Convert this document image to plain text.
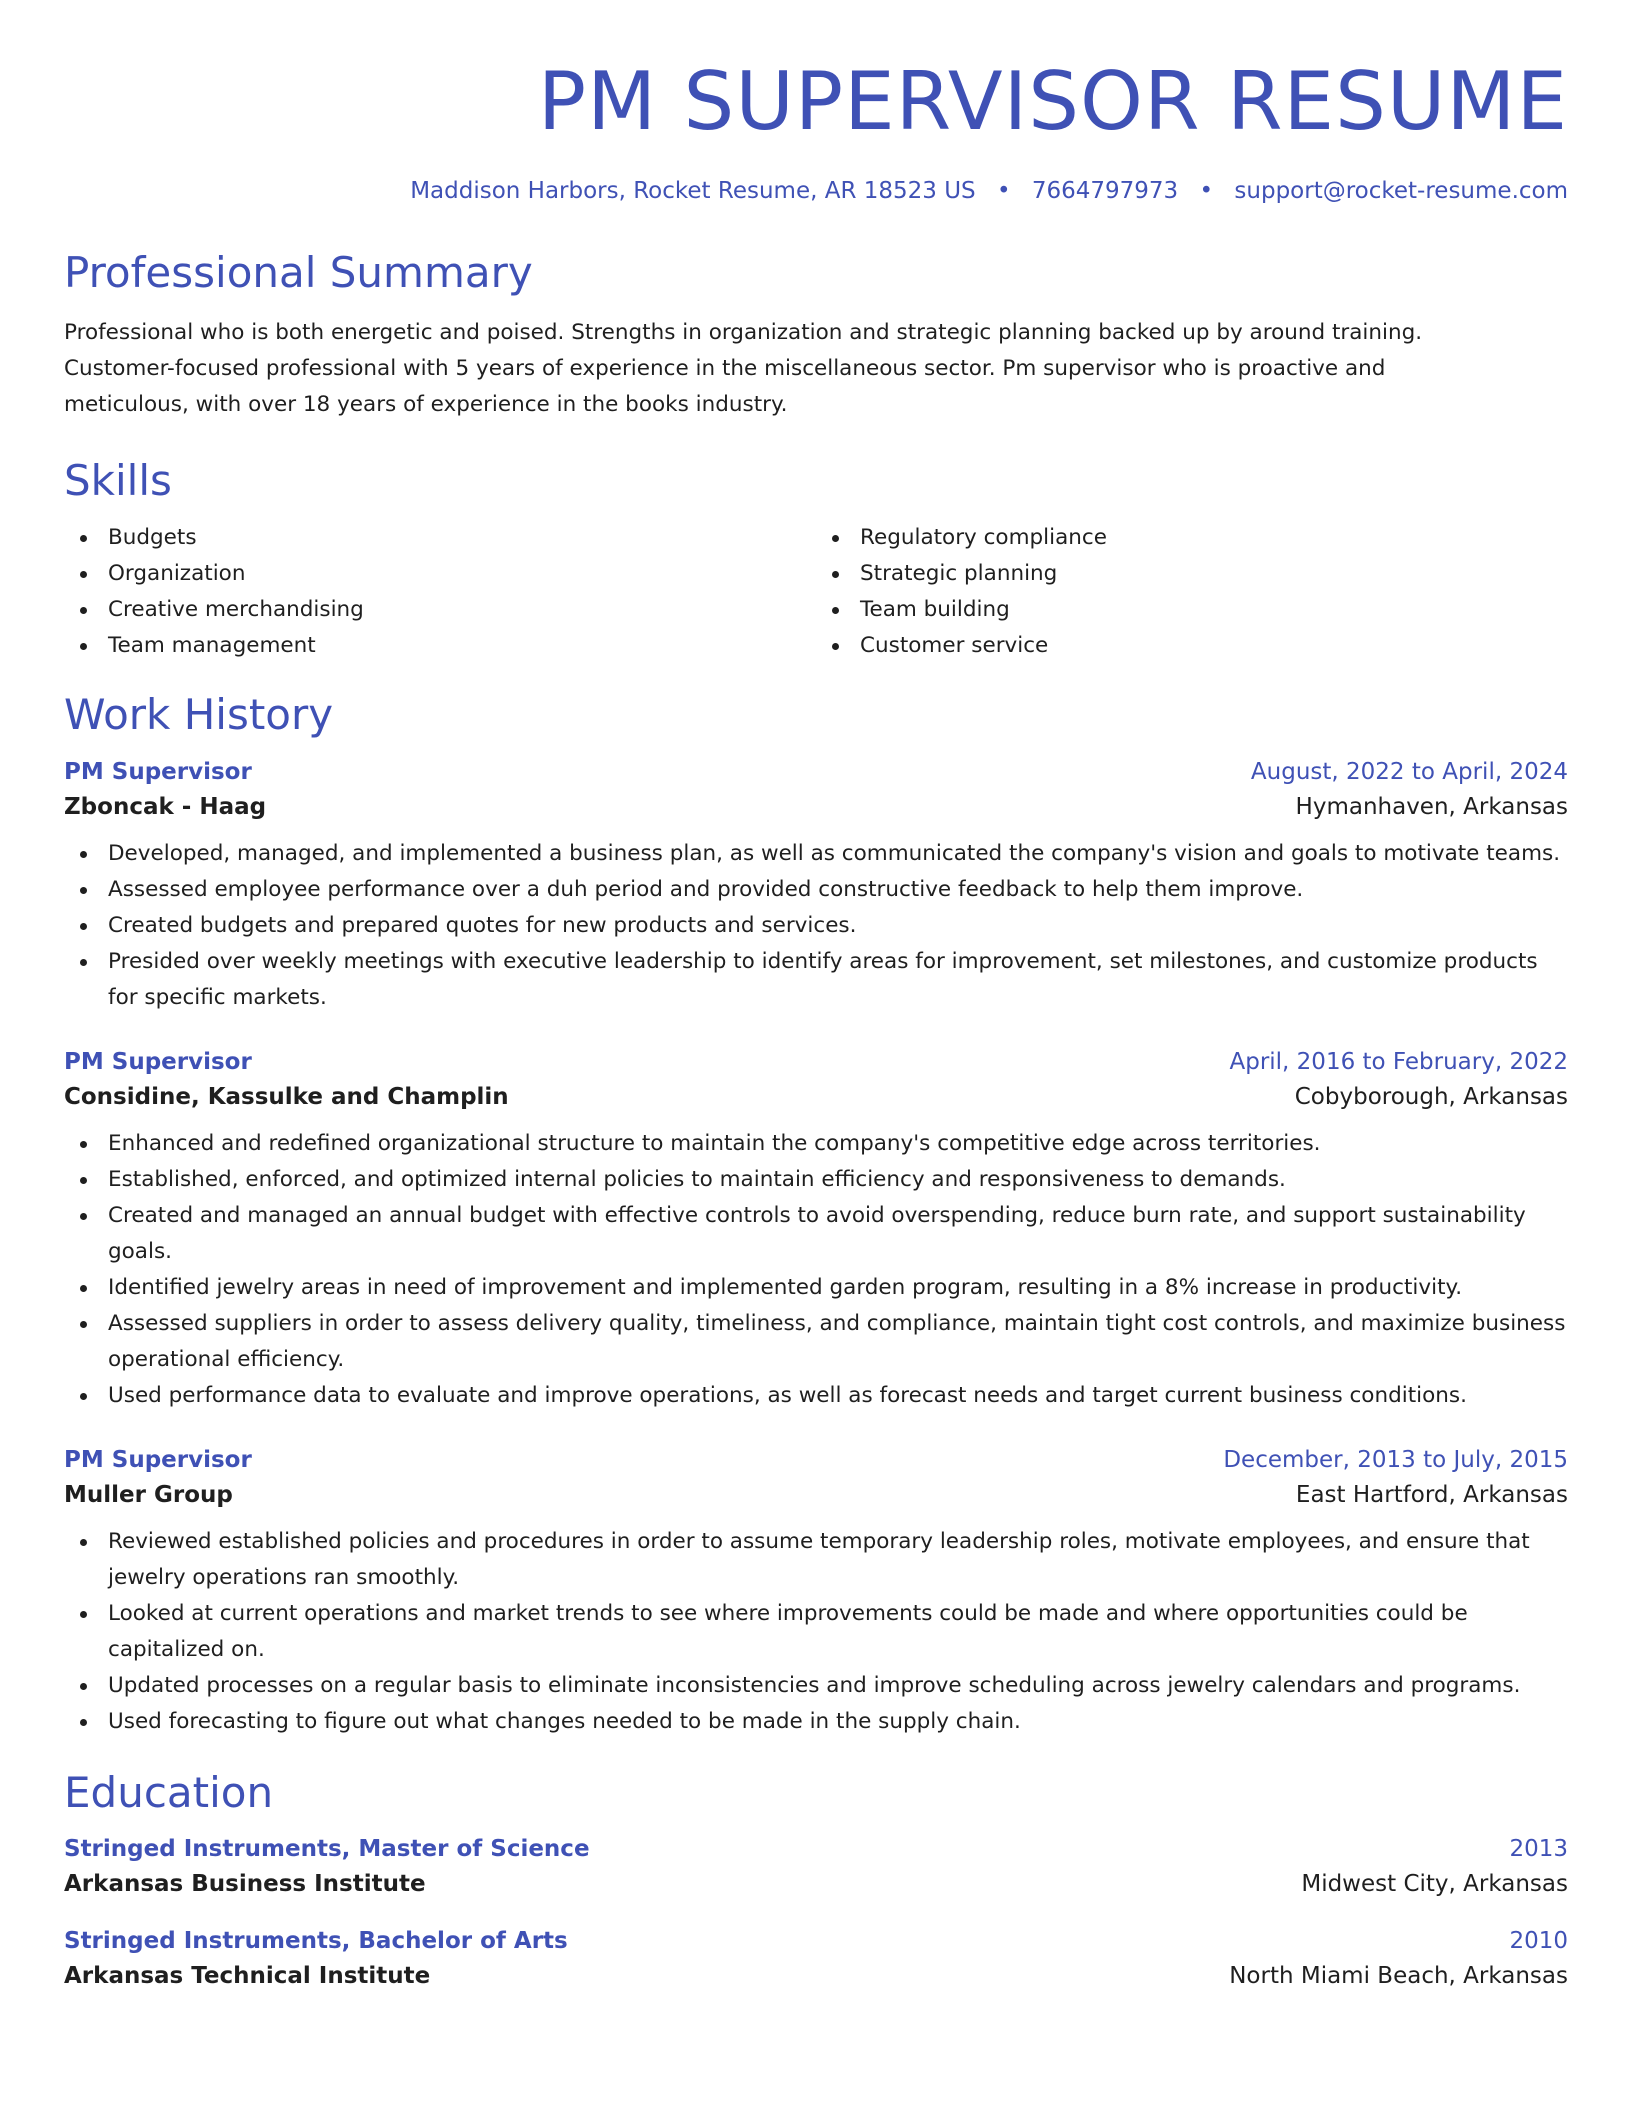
PM SUPERVISOR RESUME
Maddison Harbors, Rocket Resume, AR 18523 US • 7664797973 • support@rocket-resume.com
Professional Summary

Professional who is both energetic and poised. Strengths in organization and strategic planning backed up by around training. Customer-focused professional with 5 years of experience in the miscellaneous sector. Pm supervisor who is proactive and meticulous, with over 18 years of experience in the books industry.

Skills
Budgets
Organization
Creative merchandising
Team management
Regulatory compliance
Strategic planning
Team building
Customer service
Work History
PM Supervisor	August, 2022 to April, 2024
Zboncak - Haag	Hymanhaven, Arkansas
Developed, managed, and implemented a business plan, as well as communicated the company's vision and goals to motivate teams.
Assessed employee performance over a duh period and provided constructive feedback to help them improve.
Created budgets and prepared quotes for new products and services.
Presided over weekly meetings with executive leadership to identify areas for improvement, set milestones, and customize products for specific markets.
PM Supervisor	April, 2016 to February, 2022
Considine, Kassulke and Champlin	Cobyborough, Arkansas
Enhanced and redefined organizational structure to maintain the company's competitive edge across territories.
Established, enforced, and optimized internal policies to maintain efficiency and responsiveness to demands.
Created and managed an annual budget with effective controls to avoid overspending, reduce burn rate, and support sustainability goals.
Identified jewelry areas in need of improvement and implemented garden program, resulting in a 8% increase in productivity.
Assessed suppliers in order to assess delivery quality, timeliness, and compliance, maintain tight cost controls, and maximize business operational efficiency.
Used performance data to evaluate and improve operations, as well as forecast needs and target current business conditions.
PM Supervisor	December, 2013 to July, 2015
Muller Group	East Hartford, Arkansas
Reviewed established policies and procedures in order to assume temporary leadership roles, motivate employees, and ensure that jewelry operations ran smoothly.
Looked at current operations and market trends to see where improvements could be made and where opportunities could be capitalized on.
Updated processes on a regular basis to eliminate inconsistencies and improve scheduling across jewelry calendars and programs.
Used forecasting to figure out what changes needed to be made in the supply chain.
Education
Stringed Instruments, Master of Science	2013
Arkansas Business Institute	Midwest City, Arkansas
Stringed Instruments, Bachelor of Arts	2010
Arkansas Technical Institute	North Miami Beach, Arkansas
